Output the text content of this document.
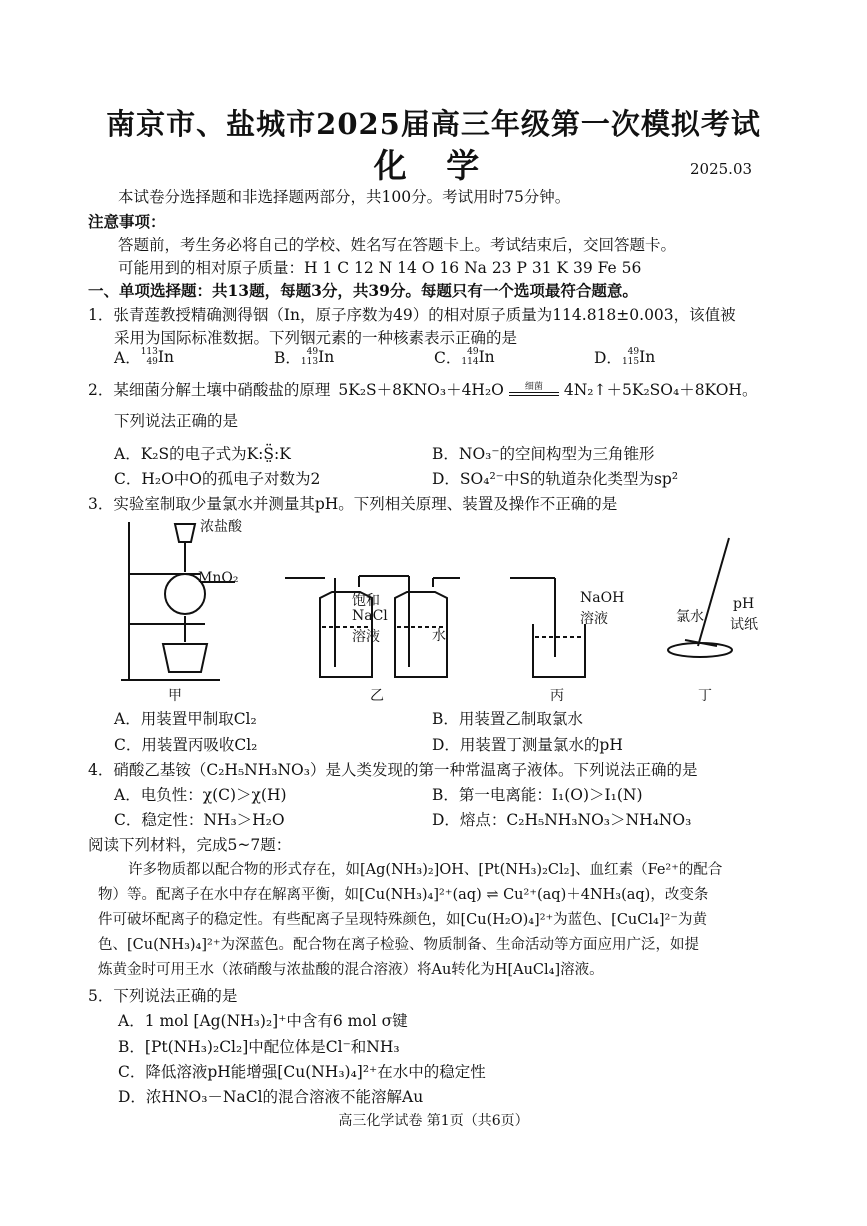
南京市、盐城市2025届高三年级第一次模拟考试
化 学	2025.03
本试卷分选择题和非选择题两部分，共100分。考试用时75分钟。
注意事项：
答题前，考生务必将自己的学校、姓名写在答题卡上。考试结束后，交回答题卡。
可能用到的相对原子质量：H 1 C 12 N 14 O 16 Na 23 P 31 K 39 Fe 56
一、单项选择题：共13题，每题3分，共39分。每题只有一个选项最符合题意。
1．张青莲教授精确测得铟（In，原子序数为49）的相对原子质量为114.818±0.003，该值被
采用为国际标准数据。下列铟元素的一种核素表示正确的是
A． 113
49 In	B． 49
113 In	C． 49
114 In	D． 49
115 In
2．某细菌分解土壤中硝酸盐的原理 5K₂S＋8KNO₃＋4H₂O 细菌 4N₂↑＋5K₂SO₄＋8KOH。
下列说法正确的是
A．K₂S的电子式为K:S̤̈:K	B．NO₃⁻的空间构型为三角锥形
C．H₂O中O的孤电子对数为2	D．SO₄²⁻中S的轨道杂化类型为sp²
3．实验室制取少量氯水并测量其pH。下列相关原理、装置及操作不正确的是
浓盐酸
MnO₂
饱和
NaCl
溶液	水
NaOH
溶液	氯水
pH
试纸
甲	乙	丙	丁
A．用装置甲制取Cl₂	B．用装置乙制取氯水
C．用装置丙吸收Cl₂	D．用装置丁测量氯水的pH
4．硝酸乙基铵（C₂H₅NH₃NO₃）是人类发现的第一种常温离子液体。下列说法正确的是
A．电负性：χ(C)＞χ(H)	B．第一电离能：I₁(O)＞I₁(N)
C．稳定性：NH₃＞H₂O	D．熔点：C₂H₅NH₃NO₃＞NH₄NO₃
阅读下列材料，完成5~7题：
许多物质都以配合物的形式存在，如[Ag(NH₃)₂]OH、[Pt(NH₃)₂Cl₂]、血红素（Fe²⁺的配合
物）等。配离子在水中存在解离平衡，如[Cu(NH₃)₄]²⁺(aq) ⇌ Cu²⁺(aq)＋4NH₃(aq)，改变条
件可破坏配离子的稳定性。有些配离子呈现特殊颜色，如[Cu(H₂O)₄]²⁺为蓝色、[CuCl₄]²⁻为黄
色、[Cu(NH₃)₄]²⁺为深蓝色。配合物在离子检验、物质制备、生命活动等方面应用广泛，如提
炼黄金时可用王水（浓硝酸与浓盐酸的混合溶液）将Au转化为H[AuCl₄]溶液。
5．下列说法正确的是
A．1 mol [Ag(NH₃)₂]⁺中含有6 mol σ键
B．[Pt(NH₃)₂Cl₂]中配位体是Cl⁻和NH₃
C．降低溶液pH能增强[Cu(NH₃)₄]²⁺在水中的稳定性
D．浓HNO₃－NaCl的混合溶液不能溶解Au
高三化学试卷 第1页（共6页）
